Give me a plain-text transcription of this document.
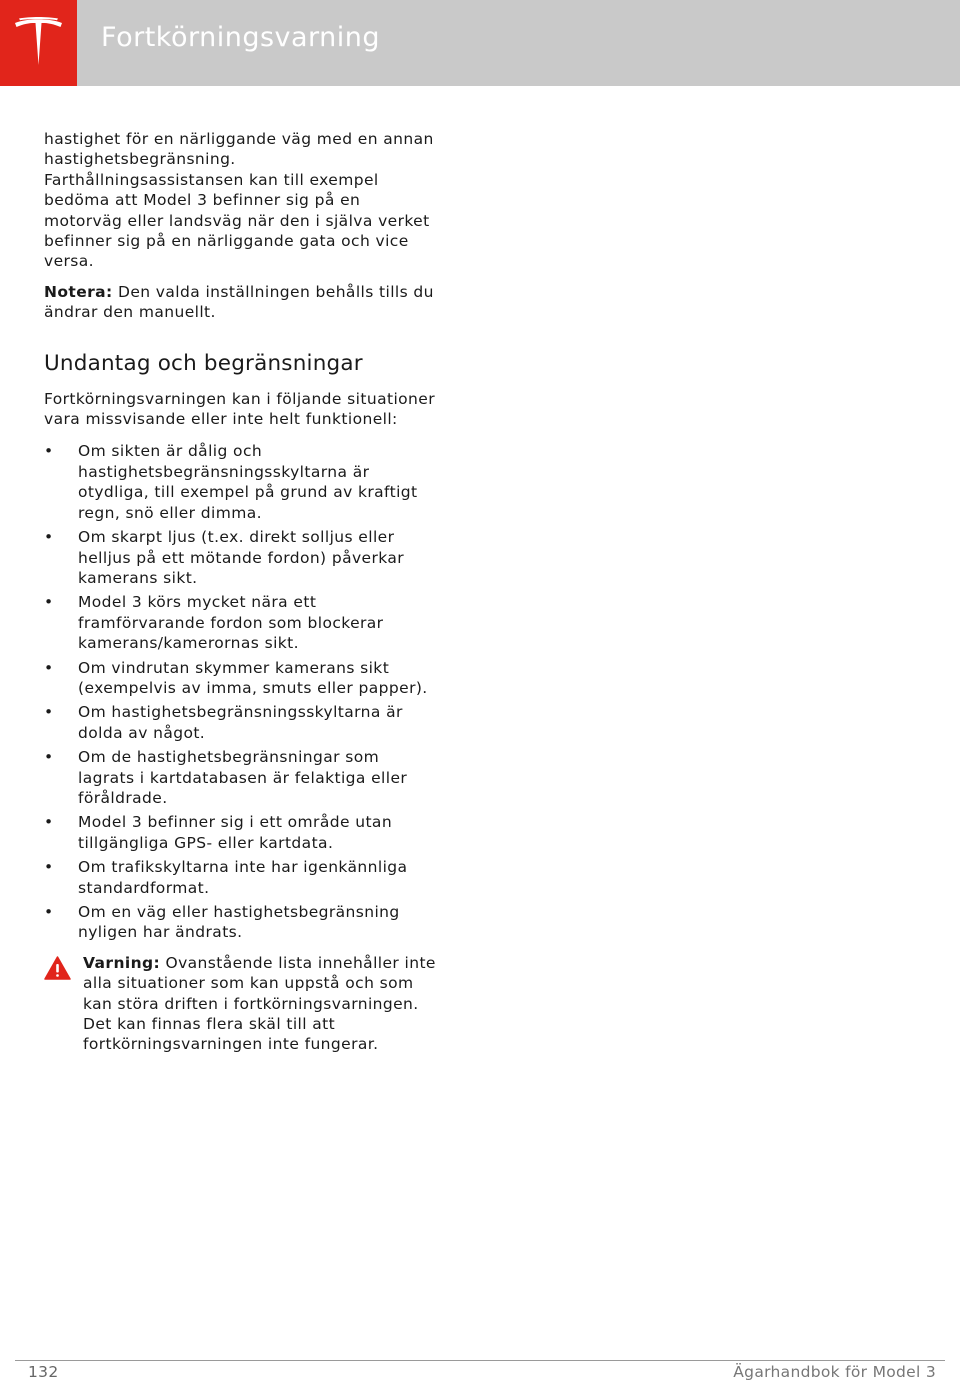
Fortkörningsvarning

hastighet för en närliggande väg med en annan hastighetsbegränsning. Farthållningsassistansen kan till exempel bedöma att Model 3 befinner sig på en motorväg eller landsväg när den i själva verket befinner sig på en närliggande gata och vice versa.

Notera: Den valda inställningen behålls tills du ändrar den manuellt.

Undantag och begränsningar

Fortkörningsvarningen kan i följande situationer vara missvisande eller inte helt funktionell:

• Om sikten är dålig och hastighetsbegränsningsskyltarna är otydliga, till exempel på grund av kraftigt regn, snö eller dimma.
• Om skarpt ljus (t.ex. direkt solljus eller helljus på ett mötande fordon) påverkar kamerans sikt.
• Model 3 körs mycket nära ett framförvarande fordon som blockerar kamerans/kamerornas sikt.
• Om vindrutan skymmer kamerans sikt (exempelvis av imma, smuts eller papper).
• Om hastighetsbegränsningsskyltarna är dolda av något.
• Om de hastighetsbegränsningar som lagrats i kartdatabasen är felaktiga eller föråldrade.
• Model 3 befinner sig i ett område utan tillgängliga GPS- eller kartdata.
• Om trafikskyltarna inte har igenkännliga standardformat.
• Om en väg eller hastighetsbegränsning nyligen har ändrats.
Varning: Ovanstående lista innehåller inte alla situationer som kan uppstå och som kan störa driften i fortkörningsvarningen. Det kan finnas flera skäl till att fortkörningsvarningen inte fungerar.
132	Ägarhandbok för Model 3
